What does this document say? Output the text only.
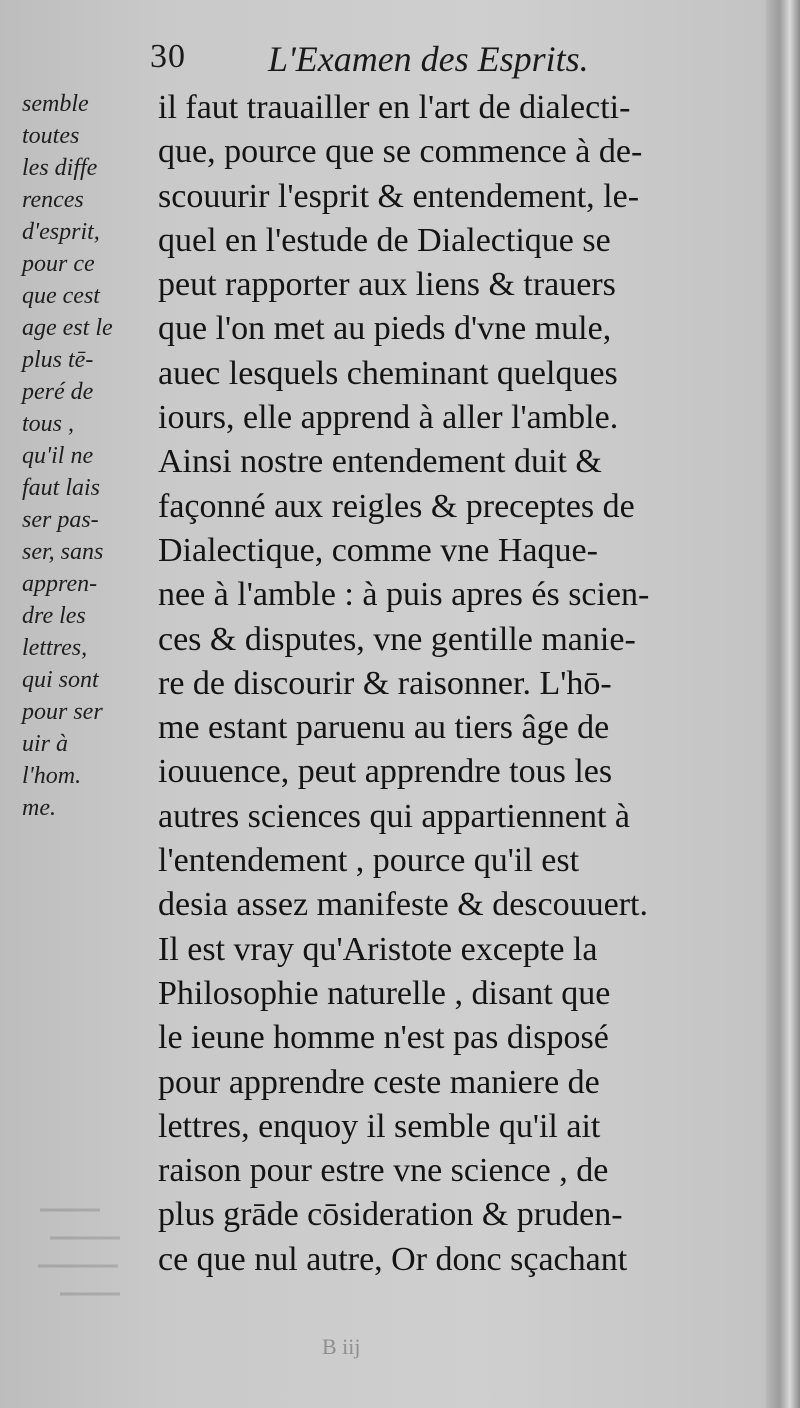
30 L'Examen des Esprits.
semble
toutes
les diffe
rences
d'esprit,
pour ce
que cest
age est le
plus tē-
peré de
tous ,
qu'il ne
faut lais
ser pas-
ser, sans
appren-
dre les
lettres,
qui sont
pour ser
uir à
l'hom.
me.
il faut trauailler en l'art de dialecti-
que, pource que se commence à de-
scouurir l'esprit & entendement, le-
quel en l'estude de Dialectique se
peut rapporter aux liens & trauers
que l'on met au pieds d'vne mule,
auec lesquels cheminant quelques
iours, elle apprend à aller l'amble.
Ainsi nostre entendement duit &
façonné aux reigles & preceptes de
Dialectique, comme vne Haque-
nee à l'amble : à puis apres és scien-
ces & disputes, vne gentille manie-
re de discourir & raisonner. L'hō-
me estant paruenu au tiers âge de
iouuence, peut apprendre tous les
autres sciences qui appartiennent à
l'entendement , pource qu'il est
desia assez manifeste & descouuert.
Il est vray qu'Aristote excepte la
Philosophie naturelle , disant que
le ieune homme n'est pas disposé
pour apprendre ceste maniere de
lettres, enquoy il semble qu'il ait
raison pour estre vne science , de
plus grāde cōsideration & pruden-
ce que nul autre, Or donc sçachant
B iij
